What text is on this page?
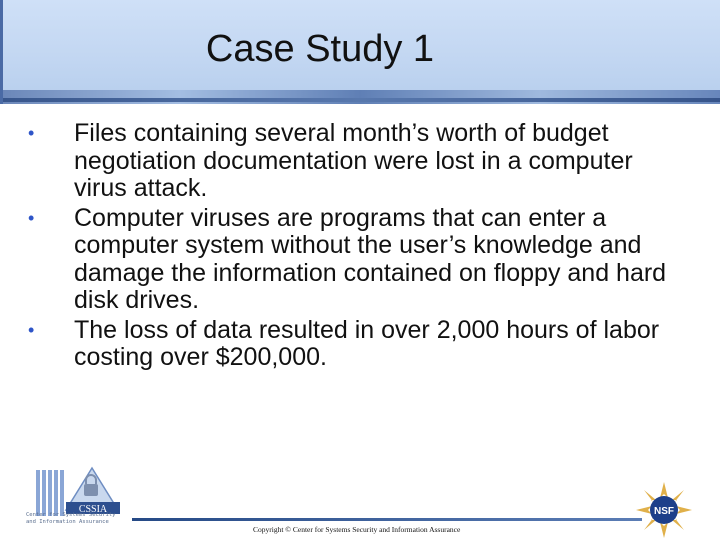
Case Study 1
• Files containing several month’s worth of budget negotiation documentation were lost in a computer virus attack.
• Computer viruses are programs that can enter a computer system without the user’s knowledge and damage the information contained on floppy and hard disk drives.
• The loss of data resulted in over 2,000 hours of labor costing over $200,000.
CSSIA
Center for Systems Security
and Information Assurance
Copyright © Center for Systems Security and Information Assurance
NSF
